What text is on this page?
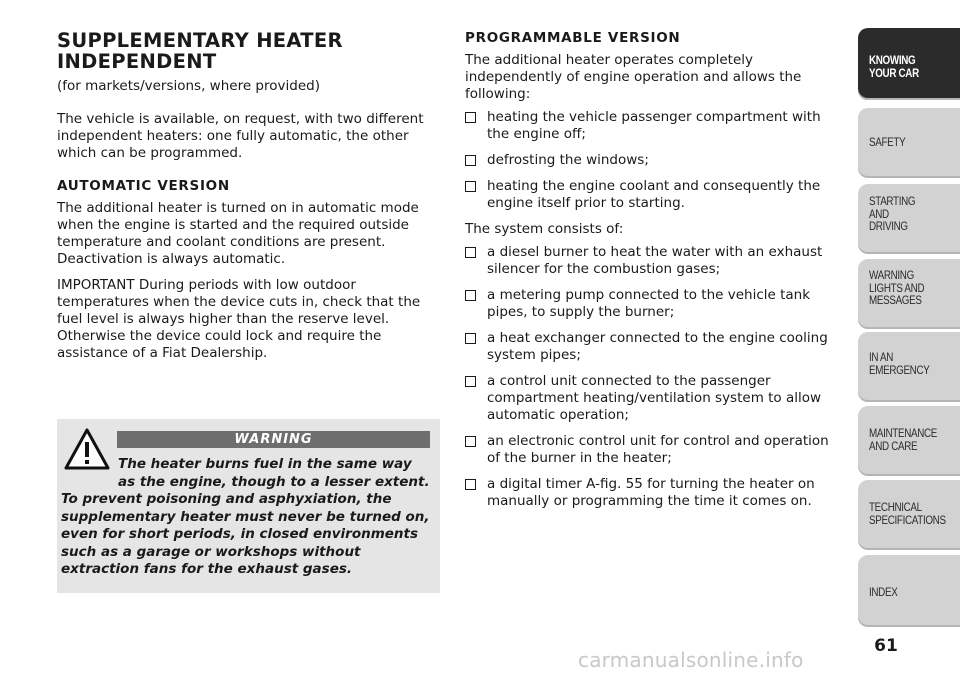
SUPPLEMENTARY HEATER
INDEPENDENT
(for markets/versions, where provided)

The vehicle is available, on request, with two different independent heaters: one fully automatic, the other which can be programmed.

AUTOMATIC VERSION

The additional heater is turned on in automatic mode when the engine is started and the required outside temperature and coolant conditions are present. Deactivation is always automatic.

IMPORTANT During periods with low outdoor temperatures when the device cuts in, check that the fuel level is always higher than the reserve level. Otherwise the device could lock and require the assistance of a Fiat Dealership.

WARNING
The heater burns fuel in the same way
as the engine, though to a lesser extent.
To prevent poisoning and asphyxiation, the supplementary heater must never be turned on, even for short periods, in closed environments such as a garage or workshops without extraction fans for the exhaust gases.
PROGRAMMABLE VERSION

The additional heater operates completely independently of engine operation and allows the following:

heating the vehicle passenger compartment with the engine off;
defrosting the windows;
heating the engine coolant and consequently the engine itself prior to starting.

The system consists of:

a diesel burner to heat the water with an exhaust silencer for the combustion gases;
a metering pump connected to the vehicle tank pipes, to supply the burner;
a heat exchanger connected to the engine cooling system pipes;
a control unit connected to the passenger compartment heating/ventilation system to allow automatic operation;
an electronic control unit for control and operation of the burner in the heater;
a digital timer A-fig. 55 for turning the heater on manually or programming the time it comes on.
KNOWING
YOUR CAR
SAFETY
STARTING
AND
DRIVING
WARNING
LIGHTS AND
MESSAGES
IN AN
EMERGENCY
MAINTENANCE
AND CARE
TECHNICAL
SPECIFICATIONS
INDEX
61
carmanualsonline.info
